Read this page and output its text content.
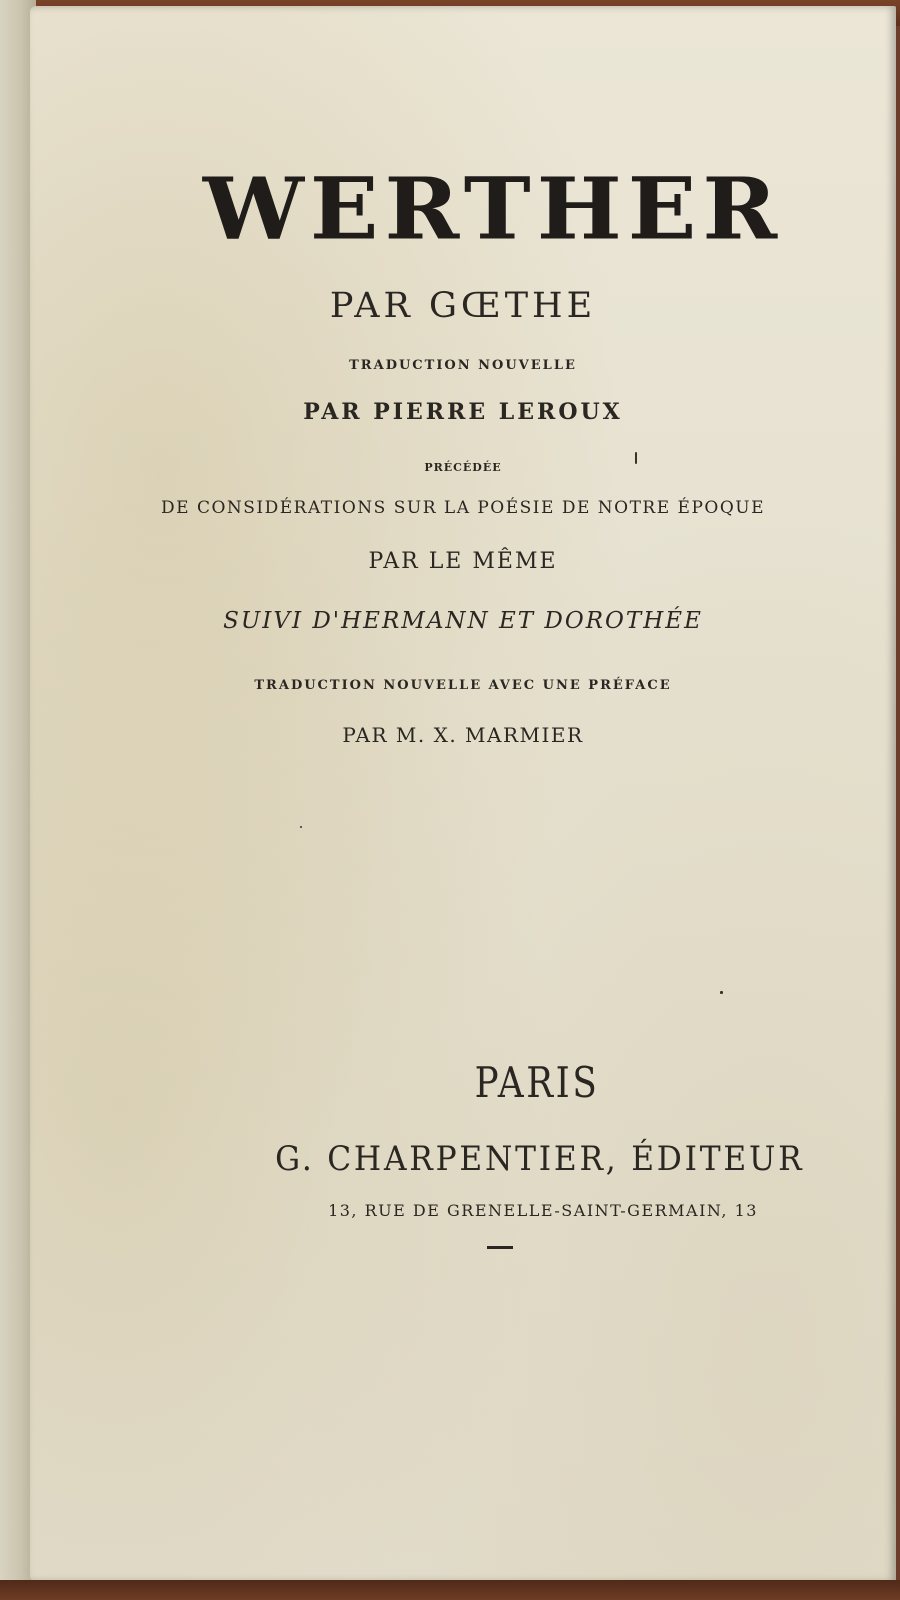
WERTHER
PAR GŒTHE
TRADUCTION NOUVELLE
PAR PIERRE LEROUX
PRÉCÉDÉE
DE CONSIDÉRATIONS SUR LA POÉSIE DE NOTRE ÉPOQUE
PAR LE MÊME
SUIVI D'HERMANN ET DOROTHÉE
TRADUCTION NOUVELLE AVEC UNE PRÉFACE
PAR M. X. MARMIER
PARIS
G. CHARPENTIER, ÉDITEUR
13, RUE DE GRENELLE-SAINT-GERMAIN, 13
